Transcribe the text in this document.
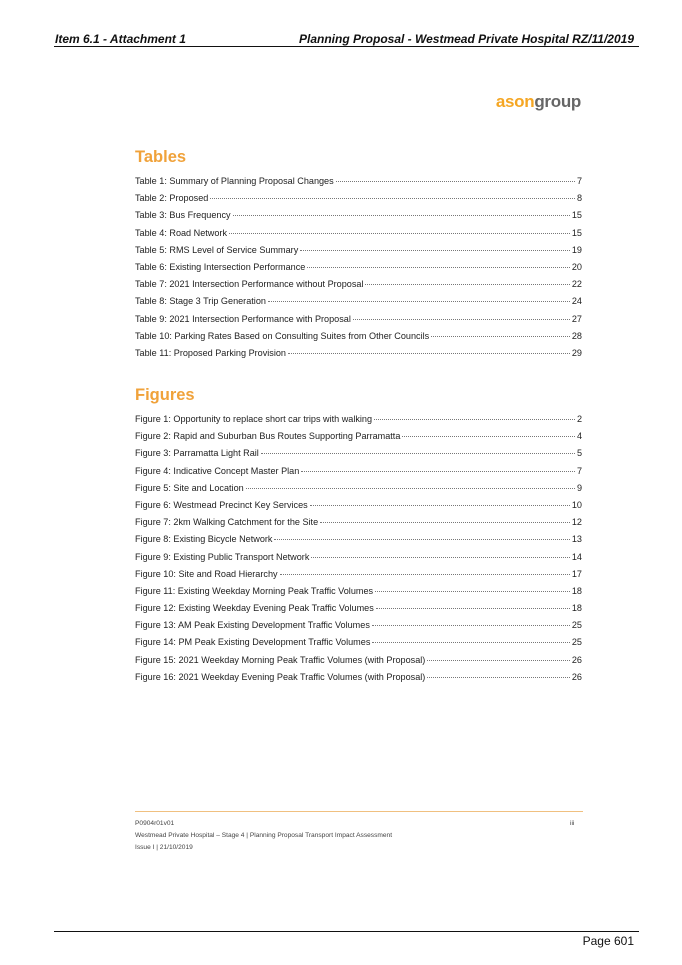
Item 6.1 - Attachment 1	Planning Proposal - Westmead Private Hospital RZ/11/2019
asongroup
Tables
Table 1: Summary of Planning Proposal Changes	7
Table 2: Proposed	8
Table 3: Bus Frequency	15
Table 4: Road Network	15
Table 5: RMS Level of Service Summary	19
Table 6: Existing Intersection Performance	20
Table 7: 2021 Intersection Performance without Proposal	22
Table 8: Stage 3 Trip Generation	24
Table 9: 2021 Intersection Performance with Proposal	27
Table 10: Parking Rates Based on Consulting Suites from Other Councils	28
Table 11: Proposed Parking Provision	29
Figures
Figure 1: Opportunity to replace short car trips with walking	2
Figure 2: Rapid and Suburban Bus Routes Supporting Parramatta	4
Figure 3: Parramatta Light Rail	5
Figure 4: Indicative Concept Master Plan	7
Figure 5: Site and Location	9
Figure 6: Westmead Precinct Key Services	10
Figure 7: 2km Walking Catchment for the Site	12
Figure 8: Existing Bicycle Network	13
Figure 9: Existing Public Transport Network	14
Figure 10: Site and Road Hierarchy	17
Figure 11: Existing Weekday Morning Peak Traffic Volumes	18
Figure 12: Existing Weekday Evening Peak Traffic Volumes	18
Figure 13: AM Peak Existing Development Traffic Volumes	25
Figure 14: PM Peak Existing Development Traffic Volumes	25
Figure 15: 2021 Weekday Morning Peak Traffic Volumes (with Proposal)	26
Figure 16: 2021 Weekday Evening Peak Traffic Volumes (with Proposal)	26
P0904r01v01
Westmead Private Hospital – Stage 4 | Planning Proposal Transport Impact Assessment
Issue I | 21/10/2019
iii
Page 601
